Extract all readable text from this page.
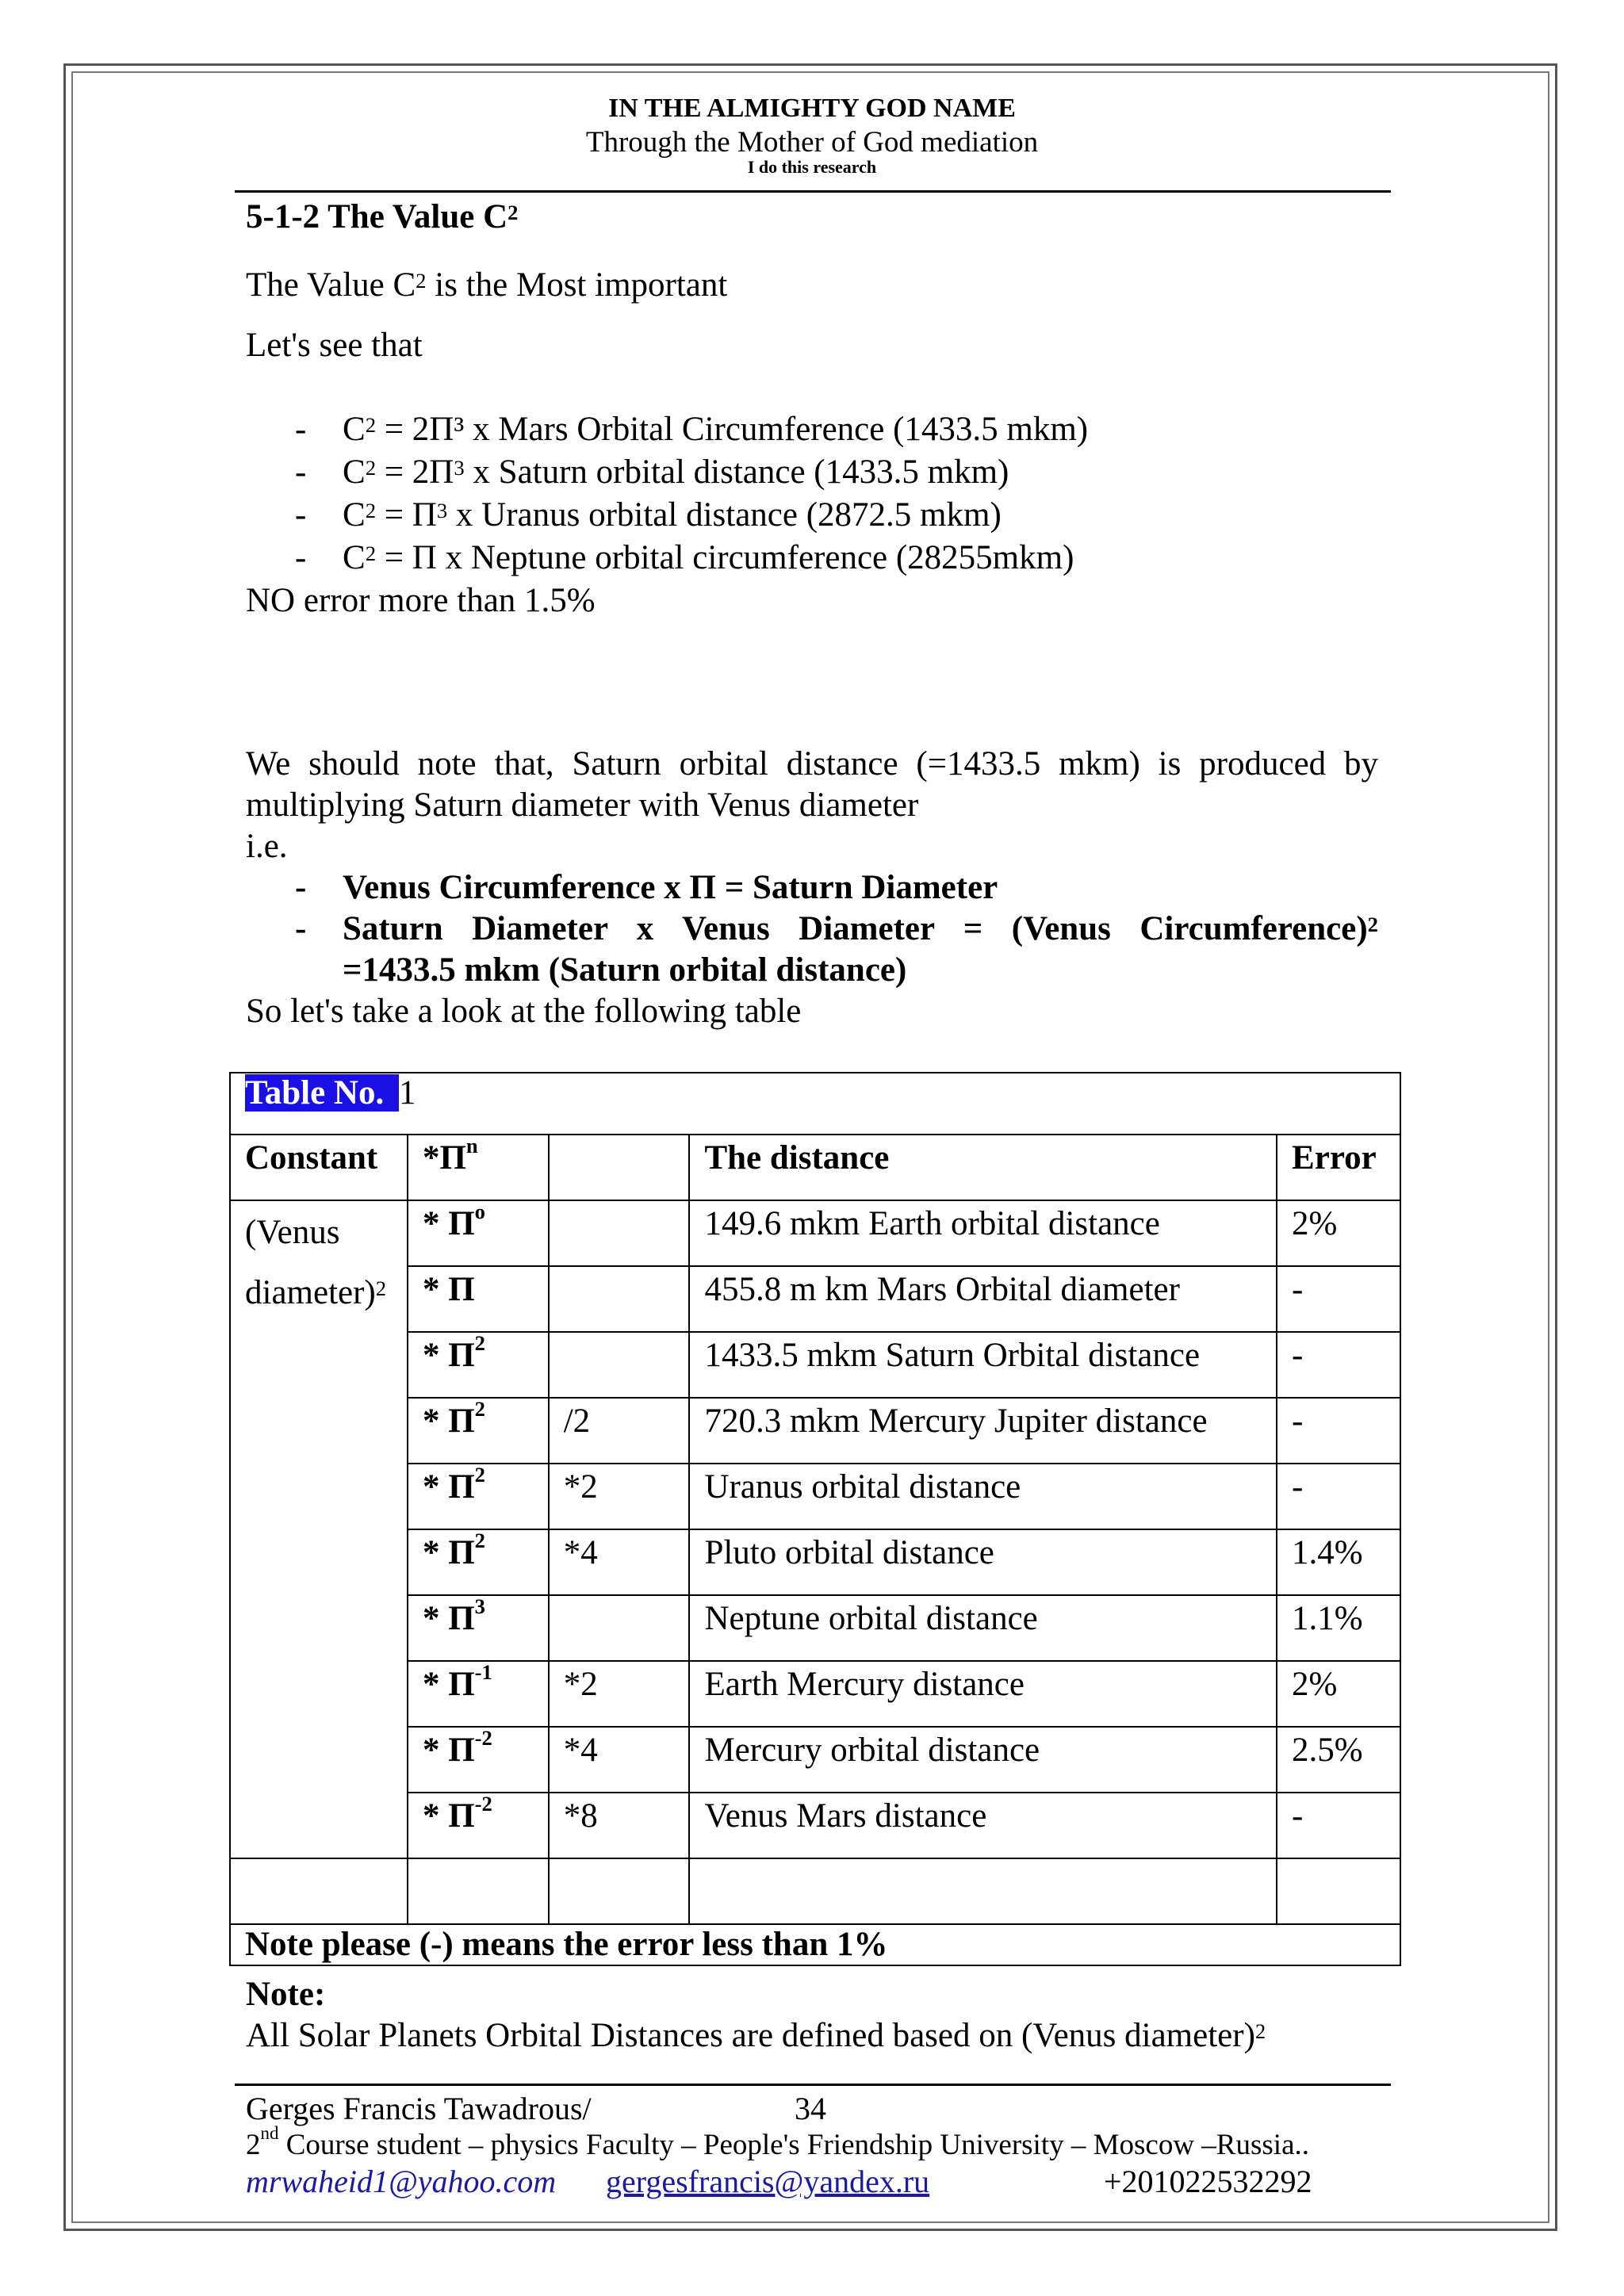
IN THE ALMIGHTY GOD NAME
Through the Mother of God mediation
I do this research
5-1-2 The Value $C^2$
The Value $C^2$ is the Most important
Let's see that
- $C^2 = 2\Pi^3$ x Mars Orbital Circumference (1433.5 mkm)
- $C^2 = 2\Pi^3$ x Saturn orbital distance (1433.5 mkm)
- $C^2 = \Pi^3$ x Uranus orbital distance (2872.5 mkm)
- $C^2 = \Pi$ x Neptune orbital circumference (28255mkm)
NO error more than 1.5%
We should note that, Saturn orbital distance (=1433.5 mkm) is produced by
multiplying Saturn diameter with Venus diameter
i.e.
- Venus Circumference x Π = Saturn Diameter
- Saturn Diameter x Venus Diameter = (Venus Circumference)$^2$
=1433.5 mkm (Saturn orbital distance)
So let's take a look at the following table
Table No. 1				
Constant	$*\Pi^n$		The distance	Error

(Venus
diameter)$^2$	* $\Pi^o$		149.6 mkm Earth orbital distance	2%
	* Π		455.8 m km Mars Orbital diameter	-
	* $\Pi^2$		1433.5 mkm Saturn Orbital distance	-
	* $\Pi^2$	/2	720.3 mkm Mercury Jupiter distance	-
	* $\Pi^2$	*2	Uranus orbital distance	-
	* $\Pi^2$	*4	Pluto orbital distance	1.4%
	* $\Pi^3$		Neptune orbital distance	1.1%
	* $\Pi^{-1}$	*2	Earth Mercury distance	2%
	* $\Pi^{-2}$	*4	Mercury orbital distance	2.5%
	* $\Pi^{-2}$	*8	Venus Mars distance	-

Note please (-) means the error less than 1%				
Note:
All Solar Planets Orbital Distances are defined based on (Venus diameter)$^2$
Gerges Francis Tawadrous/	34
2nd Course student – physics Faculty – People's Friendship University – Moscow –Russia..
mrwaheid1@yahoo.com gergesfrancis@yandex.ru	+201022532292
